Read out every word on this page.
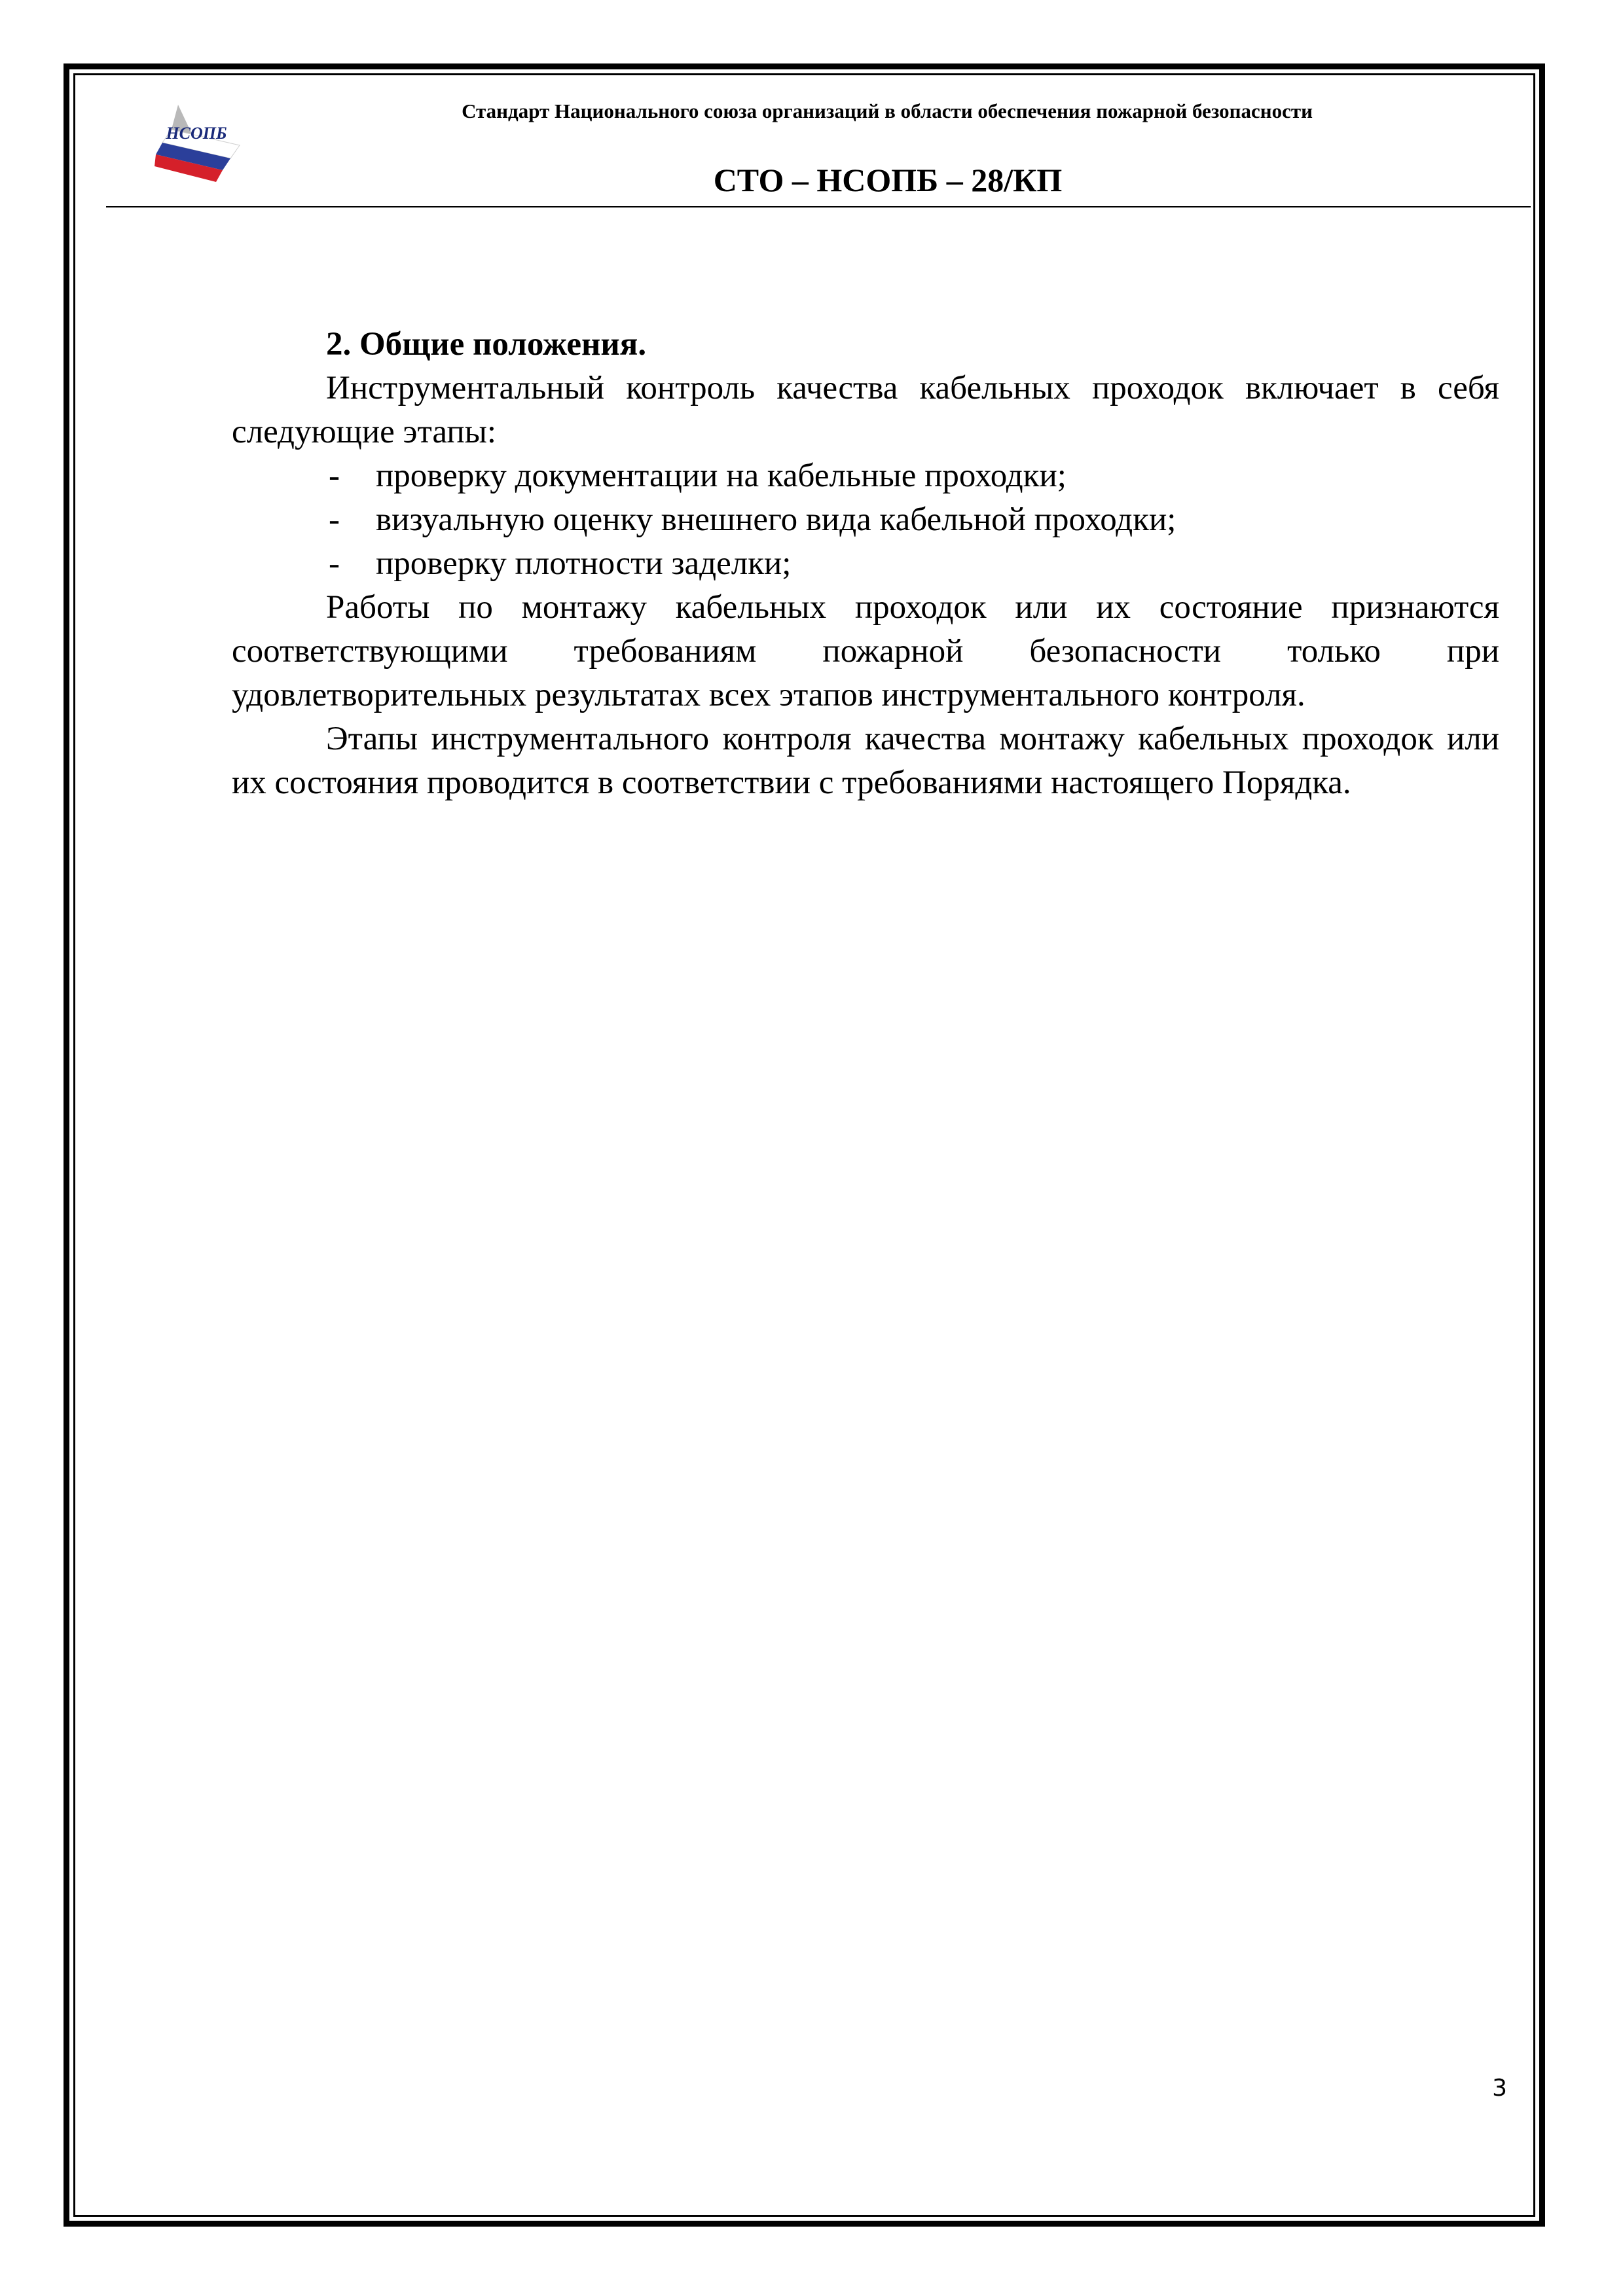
НСОПБ
Стандарт Национального союза организаций в области обеспечения пожарной безопасности
СТО – НСОПБ – 28/КП

2. Общие положения.

Инструментальный контроль качества кабельных проходок включает в себя следующие этапы:

- проверку документации на кабельные проходки;

- визуальную оценку внешнего вида кабельной проходки;

- проверку плотности заделки;

Работы по монтажу кабельных проходок или их состояние признаются соответствующими требованиям пожарной безопасности только при удовлетворительных результатах всех этапов инструментального контроля.

Этапы инструментального контроля качества монтажу кабельных проходок или их состояния проводится в соответствии с требованиями настоящего Порядка.

3
